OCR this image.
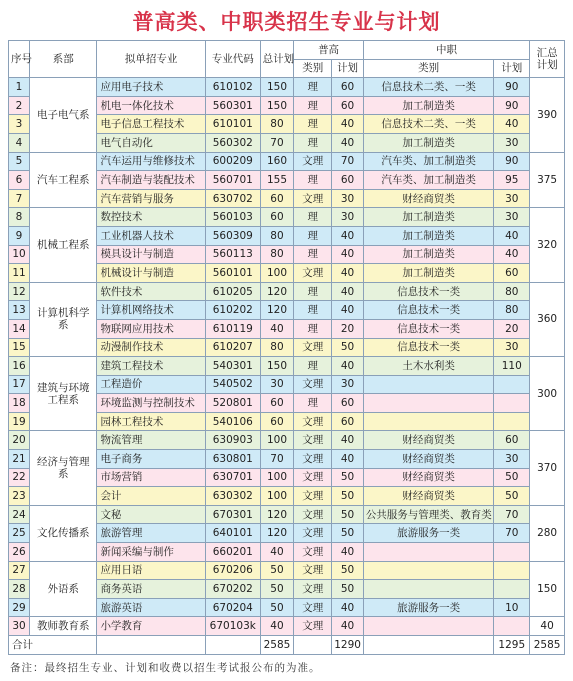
普高类、中职类招生专业与计划
序号	系部	拟单招专业	专业代码	总计划	普高		中职		汇总计划
					类别	计划	类别	计划	
1	电子电气系	应用电子技术	610102	150	理	60	信息技术二类、一类	90	390
2		机电一体化技术	560301	150	理	60	加工制造类	90	
3		电子信息工程技术	610101	80	理	40	信息技术二类、一类	40	
4		电气自动化	560302	70	理	40	加工制造类	30	
5	汽车工程系	汽车运用与维修技术	600209	160	文理	70	汽车类、加工制造类	90	375
6		汽车制造与装配技术	560701	155	理	60	汽车类、加工制造类	95	
7		汽车营销与服务	630702	60	文理	30	财经商贸类	30	
8	机械工程系	数控技术	560103	60	理	30	加工制造类	30	320
9		工业机器人技术	560309	80	理	40	加工制造类	40	
10		模具设计与制造	560113	80	理	40	加工制造类	40	
11		机械设计与制造	560101	100	文理	40	加工制造类	60	
12	计算机科学系	软件技术	610205	120	理	40	信息技术一类	80	360
13		计算机网络技术	610202	120	理	40	信息技术一类	80	
14		物联网应用技术	610119	40	理	20	信息技术一类	20	
15		动漫制作技术	610207	80	文理	50	信息技术一类	30	
16	建筑与环境工程系	建筑工程技术	540301	150	理	40	土木水利类	110	300
17		工程造价	540502	30	文理	30			
18		环境监测与控制技术	520801	60	理	60			
19		园林工程技术	540106	60	文理	60			
20	经济与管理系	物流管理	630903	100	文理	40	财经商贸类	60	370
21		电子商务	630801	70	文理	40	财经商贸类	30	
22		市场营销	630701	100	文理	50	财经商贸类	50	
23		会计	630302	100	文理	50	财经商贸类	50	
24	文化传播系	文秘	670301	120	文理	50	公共服务与管理类、教育类	70	280
25		旅游管理	640101	120	文理	50	旅游服务一类	70	
26		新闻采编与制作	660201	40	文理	40			
27	外语系	应用日语	670206	50	文理	50			150
28		商务英语	670202	50	文理	50			
29		旅游英语	670204	50	文理	40	旅游服务一类	10	
30	教师教育系	小学教育	670103k	40	文理	40			40
合计				2585		1290		1295	2585
备注：最终招生专业、计划和收费以招生考试报公布的为准。
